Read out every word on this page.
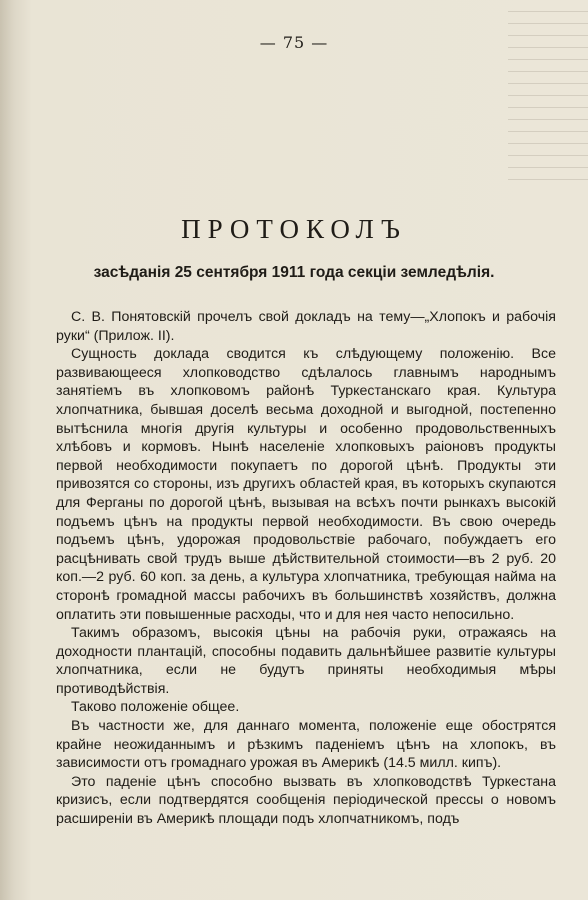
— 75 —
ПРОТОКОЛЪ
засѣданія 25 сентября 1911 года секціи земледѣлія.

С. В. Понятовскій прочелъ свой докладъ на тему—„Хлопокъ и рабочія руки“ (Прилож. II).

Сущность доклада сводится къ слѣдующему положенію. Все развивающееся хлопководство сдѣлалось главнымъ народнымъ занятіемъ въ хлопковомъ районѣ Туркестанскаго края. Культура хлопчатника, бывшая доселѣ весьма доходной и выгодной, постепенно вытѣснила многія другія культуры и особенно продовольственныхъ хлѣбовъ и кормовъ. Нынѣ населеніе хлопковыхъ раіоновъ продукты первой необходимости покупаетъ по дорогой цѣнѣ. Продукты эти привозятся со стороны, изъ другихъ областей края, въ которыхъ скупаются для Ферганы по дорогой цѣнѣ, вызывая на всѣхъ почти рынкахъ высокій подъемъ цѣнъ на продукты первой необходимости. Въ свою очередь подъемъ цѣнъ, удорожая продовольствіе рабочаго, побуждаетъ его расцѣнивать свой трудъ выше дѣйствительной стоимости—въ 2 руб. 20 коп.—2 руб. 60 коп. за день, а культура хлопчатника, требующая найма на сторонѣ громадной массы рабочихъ въ большинствѣ хозяйствъ, должна оплатить эти повышенные расходы, что и для нея часто непосильно.

Такимъ образомъ, высокія цѣны на рабочія руки, отражаясь на доходности плантацій, способны подавить дальнѣйшее развитіе культуры хлопчатника, если не будутъ приняты необходимыя мѣры противодѣйствія.

Таково положеніе общее.

Въ частности же, для даннаго момента, положеніе еще обострятся крайне неожиданнымъ и рѣзкимъ паденіемъ цѣнъ на хлопокъ, въ зависимости отъ громаднаго урожая въ Америкѣ (14.5 милл. кипъ).

Это паденіе цѣнъ способно вызвать въ хлопководствѣ Туркестана кризисъ, если подтвердятся сообщенія періодической прессы о новомъ расширеніи въ Америкѣ площади подъ хлопчатникомъ, подъ
